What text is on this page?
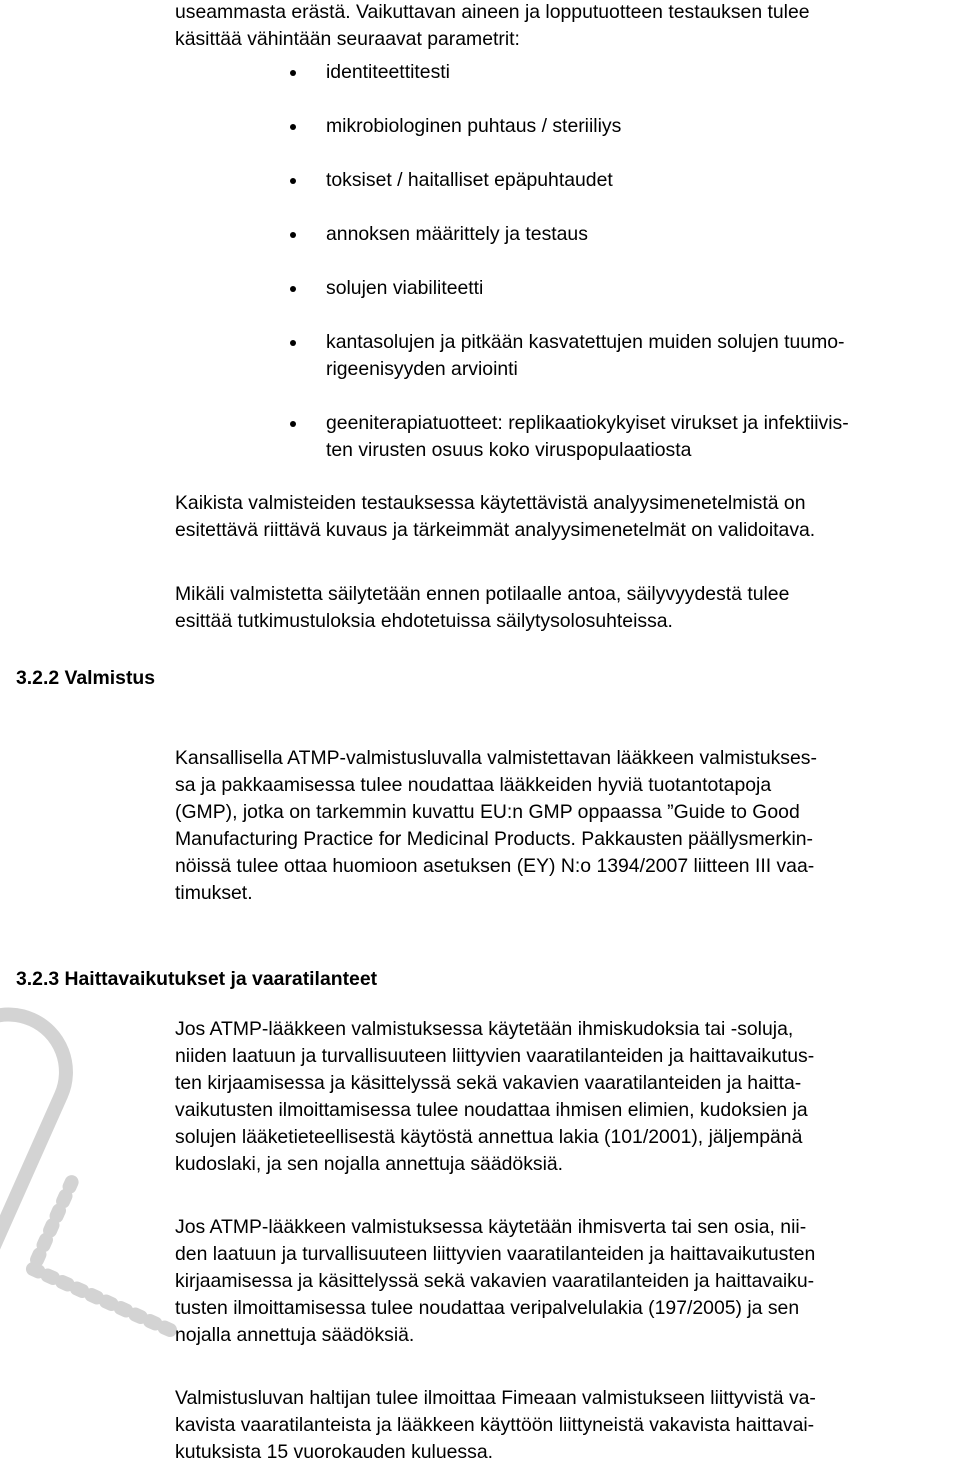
useammasta erästä. Vaikuttavan aineen ja lopputuotteen testauksen tulee
käsittää vähintään seuraavat parametrit:
identiteettitesti
mikrobiologinen puhtaus / steriiliys
toksiset / haitalliset epäpuhtaudet
annoksen määrittely ja testaus
solujen viabiliteetti
kantasolujen ja pitkään kasvatettujen muiden solujen tuumo-
rigeenisyyden arviointi
geeniterapiatuotteet: replikaatiokykyiset virukset ja infektiivis-
ten virusten osuus koko viruspopulaatiosta
Kaikista valmisteiden testauksessa käytettävistä analyysimenetelmistä on
esitettävä riittävä kuvaus ja tärkeimmät analyysimenetelmät on validoitava.
Mikäli valmistetta säilytetään ennen potilaalle antoa, säilyvyydestä tulee
esittää tutkimustuloksia ehdotetuissa säilytysolosuhteissa.
3.2.2 Valmistus
Kansallisella ATMP-valmistusluvalla valmistettavan lääkkeen valmistukses-
sa ja pakkaamisessa tulee noudattaa lääkkeiden hyviä tuotantotapoja
(GMP), jotka on tarkemmin kuvattu EU:n GMP oppaassa ”Guide to Good
Manufacturing Practice for Medicinal Products. Pakkausten päällysmerkin-
nöissä tulee ottaa huomioon asetuksen (EY) N:o 1394/2007 liitteen III vaa-
timukset.
3.2.3 Haittavaikutukset ja vaaratilanteet
Jos ATMP-lääkkeen valmistuksessa käytetään ihmiskudoksia tai -soluja,
niiden laatuun ja turvallisuuteen liittyvien vaaratilanteiden ja haittavaikutus-
ten kirjaamisessa ja käsittelyssä sekä vakavien vaaratilanteiden ja haitta-
vaikutusten ilmoittamisessa tulee noudattaa ihmisen elimien, kudoksien ja
solujen lääketieteellisestä käytöstä annettua lakia (101/2001), jäljempänä
kudoslaki, ja sen nojalla annettuja säädöksiä.
Jos ATMP-lääkkeen valmistuksessa käytetään ihmisverta tai sen osia, nii-
den laatuun ja turvallisuuteen liittyvien vaaratilanteiden ja haittavaikutusten
kirjaamisessa ja käsittelyssä sekä vakavien vaaratilanteiden ja haittavaiku-
tusten ilmoittamisessa tulee noudattaa veripalvelulakia (197/2005) ja sen
nojalla annettuja säädöksiä.
Valmistusluvan haltijan tulee ilmoittaa Fimeaan valmistukseen liittyvistä va-
kavista vaaratilanteista ja lääkkeen käyttöön liittyneistä vakavista haittavai-
kutuksista 15 vuorokauden kuluessa.
